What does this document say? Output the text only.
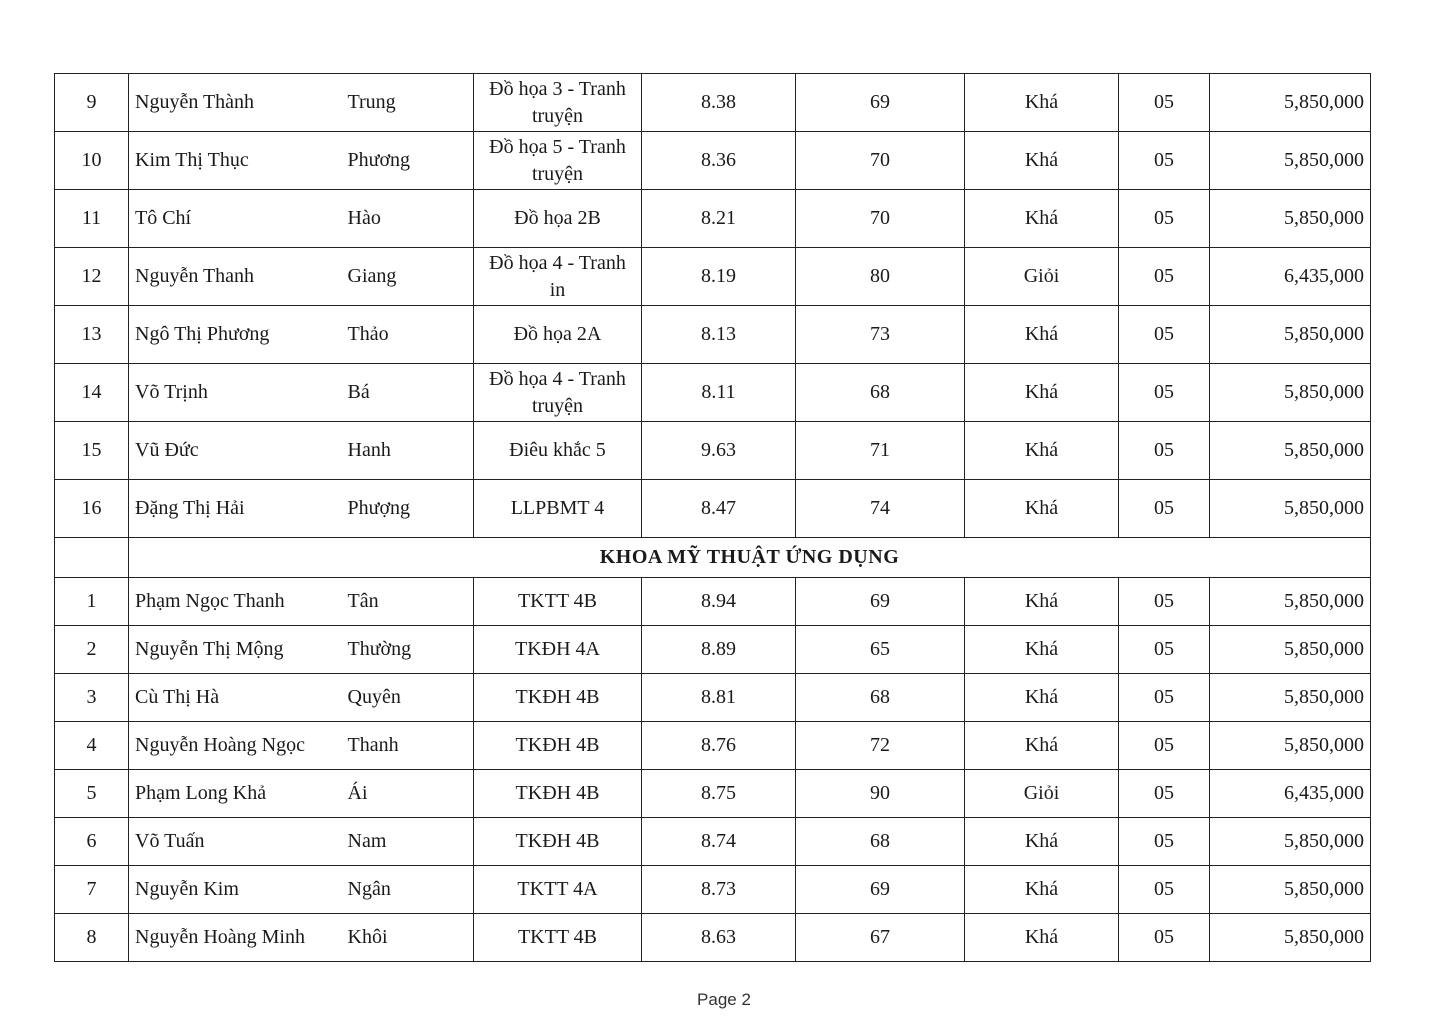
9	Nguyễn Thành	Trung	Đồ họa 3 - Tranh truyện	8.38	69	Khá	05	5,850,000
10	Kim Thị Thục	Phương	Đồ họa 5 - Tranh truyện	8.36	70	Khá	05	5,850,000
11	Tô Chí	Hào	Đồ họa 2B	8.21	70	Khá	05	5,850,000
12	Nguyễn Thanh	Giang	Đồ họa 4 - Tranh in	8.19	80	Giỏi	05	6,435,000
13	Ngô Thị Phương	Thảo	Đồ họa 2A	8.13	73	Khá	05	5,850,000
14	Võ Trịnh	Bá	Đồ họa 4 - Tranh truyện	8.11	68	Khá	05	5,850,000
15	Vũ Đức	Hanh	Điêu khắc 5	9.63	71	Khá	05	5,850,000
16	Đặng Thị Hải	Phượng	LLPBMT 4	8.47	74	Khá	05	5,850,000
	KHOA MỸ THUẬT ỨNG DỤNG							
1	Phạm Ngọc Thanh	Tân	TKTT 4B	8.94	69	Khá	05	5,850,000
2	Nguyễn Thị Mộng	Thường	TKĐH 4A	8.89	65	Khá	05	5,850,000
3	Cù Thị Hà	Quyên	TKĐH 4B	8.81	68	Khá	05	5,850,000
4	Nguyễn Hoàng Ngọc	Thanh	TKĐH 4B	8.76	72	Khá	05	5,850,000
5	Phạm Long Khả	Ái	TKĐH 4B	8.75	90	Giỏi	05	6,435,000
6	Võ Tuấn	Nam	TKĐH 4B	8.74	68	Khá	05	5,850,000
7	Nguyễn Kim	Ngân	TKTT 4A	8.73	69	Khá	05	5,850,000
8	Nguyễn Hoàng Minh	Khôi	TKTT 4B	8.63	67	Khá	05	5,850,000
Page 2
